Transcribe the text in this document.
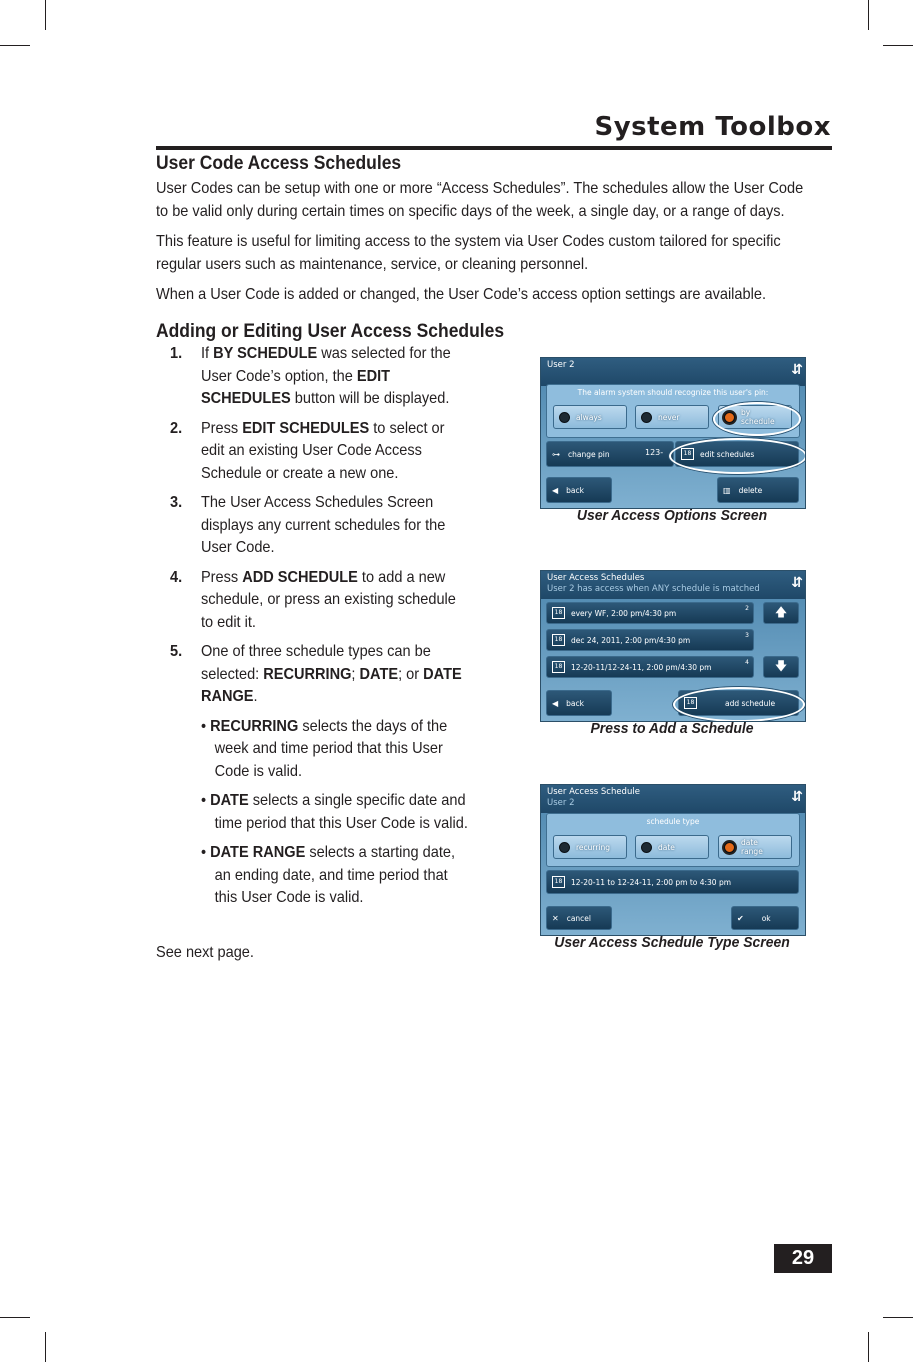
System Toolbox
User Code Access Schedules
User Codes can be setup with one or more “Access Schedules”. The schedules allow the User Code
to be valid only during certain times on specific days of the week, a single day, or a range of days.
This feature is useful for limiting access to the system via User Codes custom tailored for specific
regular users such as maintenance, service, or cleaning personnel.
When a User Code is added or changed, the User Code’s access option settings are available.
Adding or Editing User Access Schedules
1. If BY SCHEDULE was selected for the User Code’s option, the EDIT SCHEDULES button will be displayed.
2. Press EDIT SCHEDULES to select or edit an existing User Code Access Schedule or create a new one.
3. The User Access Schedules Screen displays any current schedules for the User Code.
4. Press ADD SCHEDULE to add a new schedule, or press an existing schedule to edit it.
5. One of three schedule types can be selected: RECURRING; DATE; or DATE RANGE.
• RECURRING selects the days of the week and time period that this User Code is valid.
• DATE selects a single specific date and time period that this User Code is valid.
• DATE RANGE selects a starting date, an ending date, and time period that this User Code is valid.
See next page.
User 2	⇵
The alarm system should recognize this user's pin:
always	never	by
schedule
⊶ change pin	123-	18	edit schedules
◀ back	▥ delete
User Access Options Screen
User Access Schedules
User 2 has access when ANY schedule is matched	⇵
18	every WF, 2:00 pm/4:30 pm	2
18	dec 24, 2011, 2:00 pm/4:30 pm	3
18	12-20-11/12-24-11, 2:00 pm/4:30 pm	4
🡅
🡇
◀ back	18	add schedule
Press to Add a Schedule
User Access Schedule
User 2	⇵
schedule type
recurring	date	date
range
18	12-20-11 to 12-24-11, 2:00 pm to 4:30 pm
✕ cancel	✔ ok
User Access Schedule Type Screen
29
